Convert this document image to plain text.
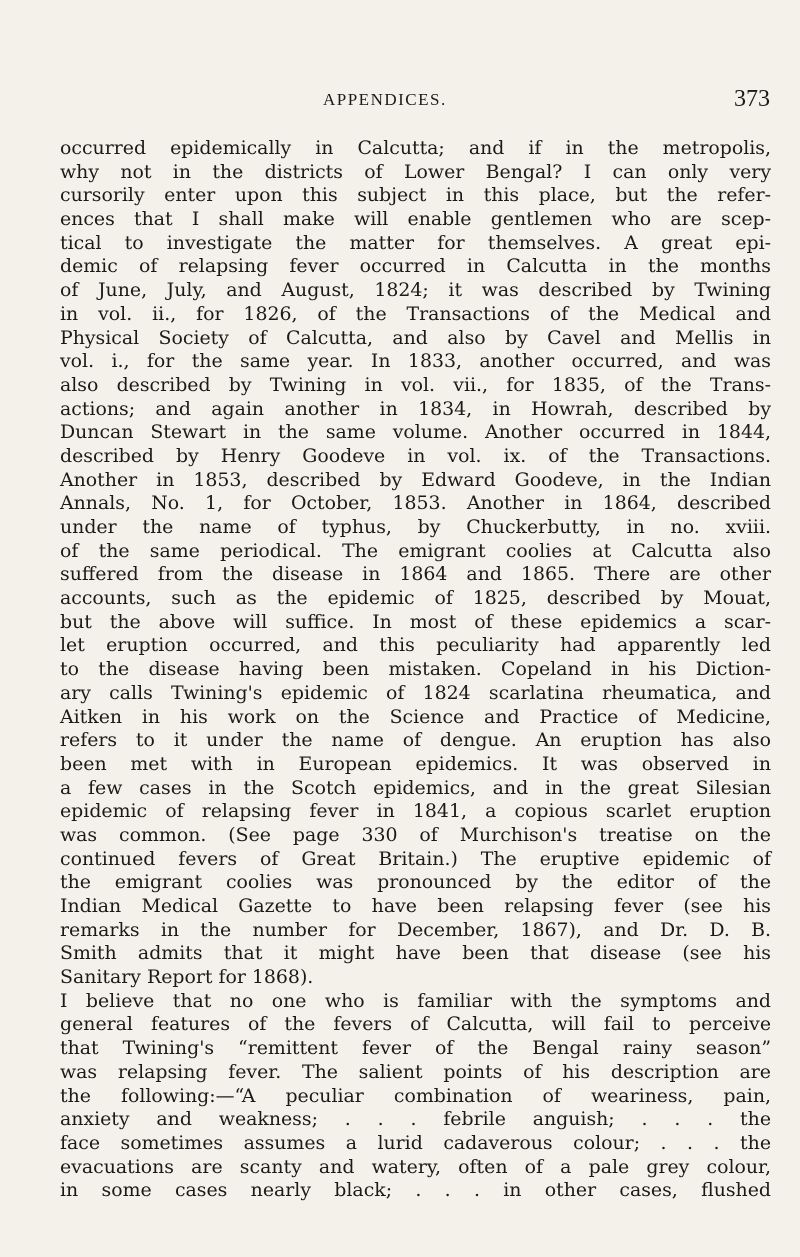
APPENDICES.	373
occurred epidemically in Calcutta; and if in the metropolis,
why not in the districts of Lower Bengal? I can only very
cursorily enter upon this subject in this place, but the refer-
ences that I shall make will enable gentlemen who are scep-
tical to investigate the matter for themselves. A great epi-
demic of relapsing fever occurred in Calcutta in the months
of June, July, and August, 1824; it was described by Twining
in vol. ii., for 1826, of the Transactions of the Medical and
Physical Society of Calcutta, and also by Cavel and Mellis in
vol. i., for the same year. In 1833, another occurred, and was
also described by Twining in vol. vii., for 1835, of the Trans-
actions; and again another in 1834, in Howrah, described by
Duncan Stewart in the same volume. Another occurred in 1844,
described by Henry Goodeve in vol. ix. of the Transactions.
Another in 1853, described by Edward Goodeve, in the Indian
Annals, No. 1, for October, 1853. Another in 1864, described
under the name of typhus, by Chuckerbutty, in no. xviii.
of the same periodical. The emigrant coolies at Calcutta also
suffered from the disease in 1864 and 1865. There are other
accounts, such as the epidemic of 1825, described by Mouat,
but the above will suffice. In most of these epidemics a scar-
let eruption occurred, and this peculiarity had apparently led
to the disease having been mistaken. Copeland in his Diction-
ary calls Twining's epidemic of 1824 scarlatina rheumatica, and
Aitken in his work on the Science and Practice of Medicine,
refers to it under the name of dengue. An eruption has also
been met with in European epidemics. It was observed in
a few cases in the Scotch epidemics, and in the great Silesian
epidemic of relapsing fever in 1841, a copious scarlet eruption
was common. (See page 330 of Murchison's treatise on the
continued fevers of Great Britain.) The eruptive epidemic of
the emigrant coolies was pronounced by the editor of the
Indian Medical Gazette to have been relapsing fever (see his
remarks in the number for December, 1867), and Dr. D. B.
Smith admits that it might have been that disease (see his
Sanitary Report for 1868).
I believe that no one who is familiar with the symptoms and
general features of the fevers of Calcutta, will fail to perceive
that Twining's “remittent fever of the Bengal rainy season”
was relapsing fever. The salient points of his description are
the following:—“A peculiar combination of weariness, pain,
anxiety and weakness; . . . febrile anguish; . . . the
face sometimes assumes a lurid cadaverous colour; . . . the
evacuations are scanty and watery, often of a pale grey colour,
in some cases nearly black; . . . in other cases, flushed
